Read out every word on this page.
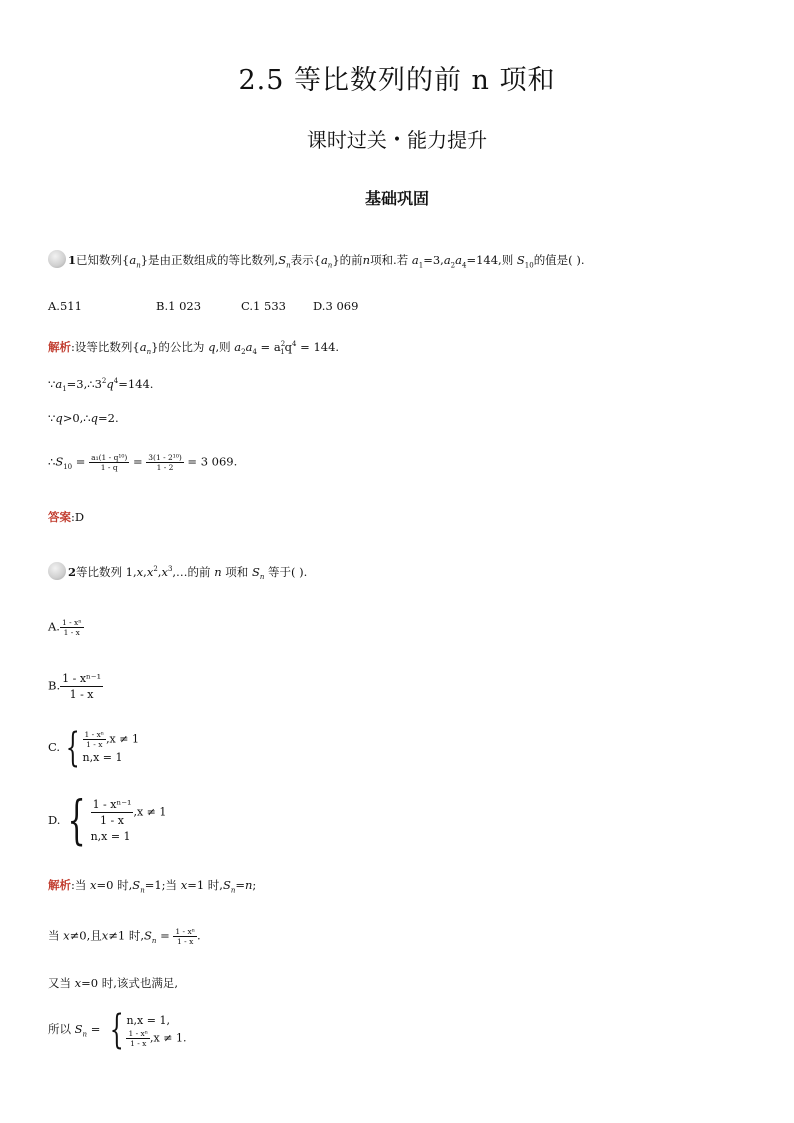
2.5 等比数列的前 n 项和
课时过关 • 能力提升
基础巩固
1已知数列$\{a_n\}$是由正数组成的等比数列$,S_n$表示$\{a_n\}$的前n项和.若 $a_1=3,a_2a_4=144$,则 $S_{10}$的值是( ).
A.511	B.1 023	C.1 533 D.3 069
解析:设等比数列$\{a_n\}$的公比为 q,则 $a_2a_4 = a^2_1q^4 = 144$.
$\because a_1=3,\therefore 3^2q^4=144$.
∵q>0,∴q=2.
$\therefore S_{10} = \frac{\text{a₁(1 - q¹⁰)}}{1 - q} = \frac{\text{3(1 - 2¹⁰)}}{1 - 2} = 3$ 069.
答案:D
2等比数列 $1,x,x^2,x^3,\dots$的前 n 项和 $S_n$ 等于( ).
A. $\frac{\text{1 - xⁿ}}{1 - x}$
B. $\frac{\text{1 - xⁿ⁻¹}}{1 - x}$
C. { $\frac{\text{1 - xⁿ}}{1 - x} ,x \ne 1$
n,x = 1
D. { $\frac{\text{1 - xⁿ⁻¹}}{1 - x} ,x \ne 1$
n,x = 1
解析:当 x=0 时$,S_n=1$;当 x=1 时$,S_n=n$;
当 x≠0,且x≠1 时$,S_n = \frac{\text{1 - xⁿ}}{1 - x}$ .
又当 x=0 时,该式也满足,
所以 $S_n$ = { n,x = 1,
$\frac{\text{1 - xⁿ}}{1 - x} ,x \ne 1$.
